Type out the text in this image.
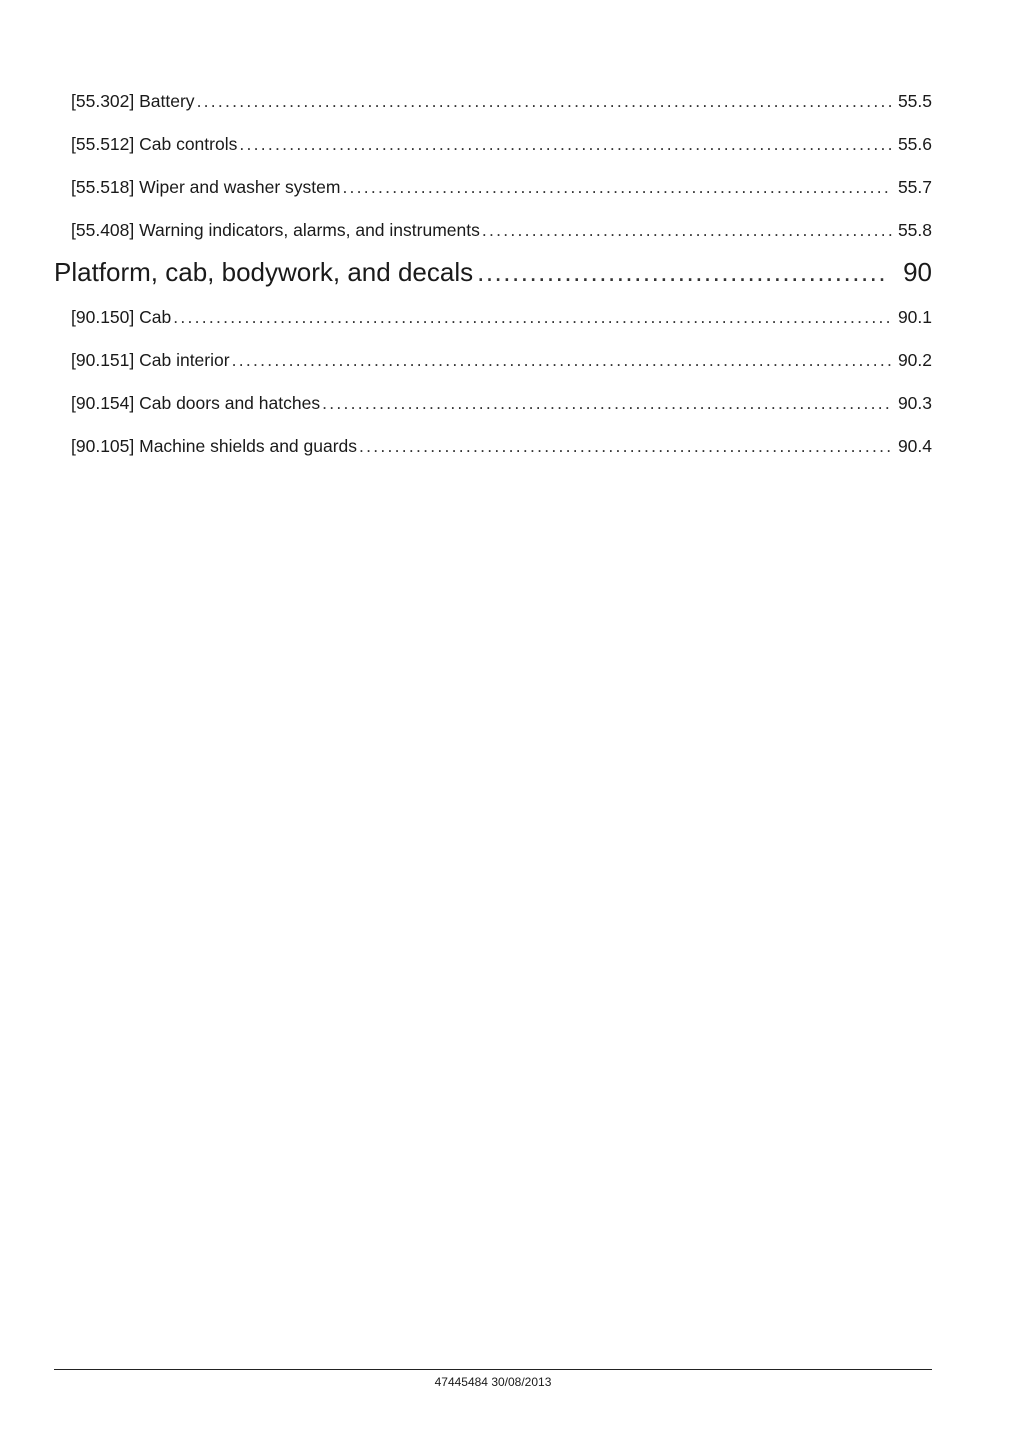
[55.302] Battery . . .	55.5
[55.512] Cab controls . . .	55.6
[55.518] Wiper and washer system . . .	55.7
[55.408] Warning indicators, alarms, and instruments . . .	55.8
Platform, cab, bodywork, and decals .....	90
[90.150] Cab . . .	90.1
[90.151] Cab interior . . .	90.2
[90.154] Cab doors and hatches . . .	90.3
[90.105] Machine shields and guards . . .	90.4
47445484 30/08/2013
